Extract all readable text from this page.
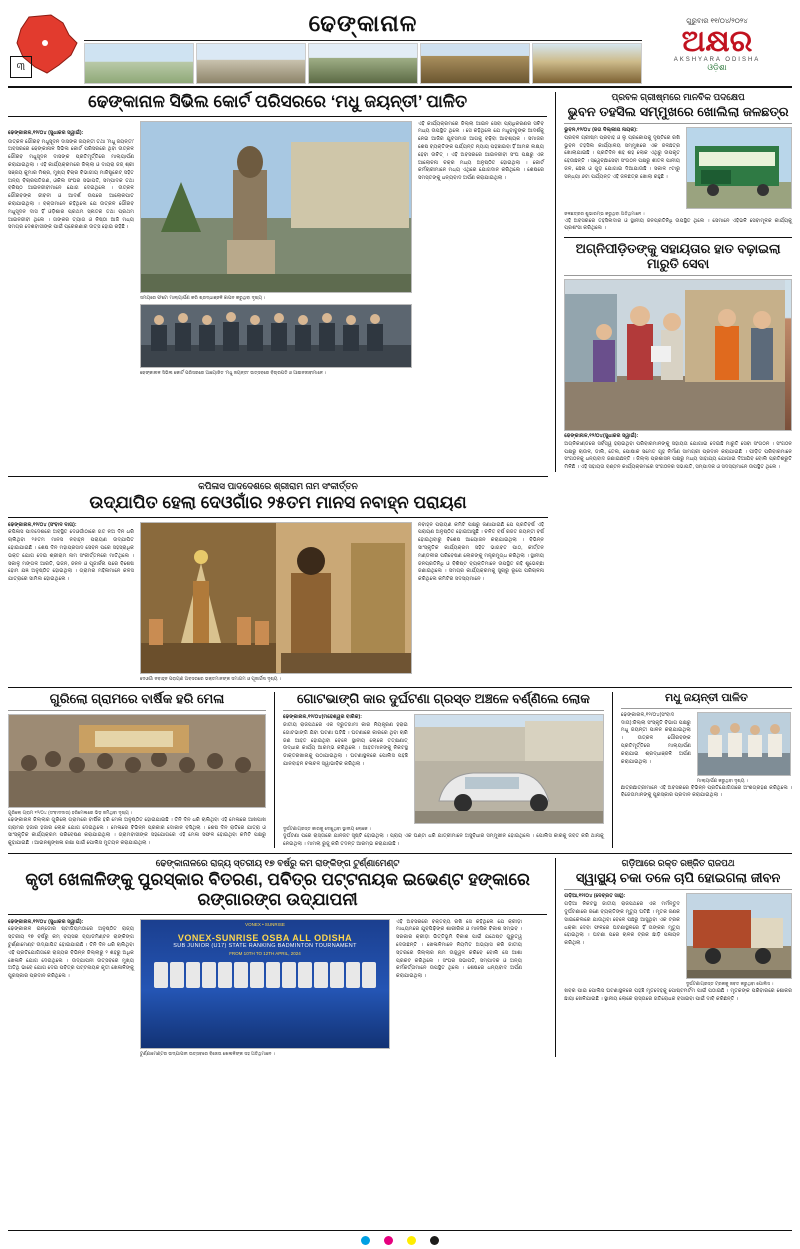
ଢେଙ୍କାନାଳ	ଗୁରୁବାର ୧୧/୦୪/୨୦୨୪
ଅକ୍ଷର
AKSHYARA ODISHA
ଓଡ଼ିଶା
୩
ଢେଙ୍କାନାଳ ସିଭିଲ କୋର୍ଟ ପରିସରରେ ‘ମଧୁ ଜୟନ୍ତୀ’ ପାଳିତ
ଢେଙ୍କାନାଳ,୧୨/୦୪ (ସୁଧାକର ସ୍ୱାଇଁ):
ଉତ୍କଳ ଗୌରବ ମଧୁସୂଦନ ଦାସଙ୍କ ଜୟନ୍ତୀ ତଥା ‘ମଧୁ ଜୟନ୍ତୀ’ ଅବସରରେ ଢେଙ୍କାନାଳ ସିଭିଲ କୋର୍ଟ ପରିସରରେ ଥିବା ଉତ୍କଳ ଗୌରବ ମଧୁସୂଦନ ଦାସଙ୍କ ପ୍ରତିମୂର୍ତ୍ତିରେ ମାଲ୍ୟାର୍ପଣ କରାଯାଇଥିଲା । ଏହି କାର୍ଯ୍ୟକ୍ରମରେ ଜିଲ୍ଲା ଓ ଦାୟରା ଜଜ୍ ଶ୍ରୀ ସଞ୍ଜୟ କୁମାର ମିଶ୍ର, ମୁଖ୍ୟ ବିଚାର ବିଭାଗୀୟ ମାଜିଷ୍ଟ୍ରେଟ୍ ସହିତ ଅନ୍ୟ ବିଚାରପତିଗଣ, ଓକିଲ ସଂଘର ସଭାପତି, ସମ୍ପାଦକ ତଥା ବରିଷ୍ଠ ଆଇନଜୀବୀମାନେ ଯୋଗ ଦେଇଥିଲେ । ଉତ୍କଳ ଗୌରବଙ୍କ ଜୀବନୀ ଓ ଆଦର୍ଶ ଉପରେ ଆଲୋକପାତ କରାଯାଇଥିଲା । ବକ୍ତାମାନେ କହିଥିଲେ ଯେ ଉତ୍କଳ ଗୌରବ ମଧୁସୂଦନ ଦାସ ହିଁ ଓଡ଼ିଶାର ପ୍ରଥମ ସ୍ନାତକ ତଥା ପ୍ରଥମ ଆଇନଜୀବୀ ଥିଲେ । ତାଙ୍କର ତ୍ୟାଗ ଓ ନିଷ୍ଠା ଆଜି ମଧ୍ୟ ସମଗ୍ର ଦେଶବାସୀଙ୍କ ପାଇଁ ପ୍ରେରଣାର ଉତ୍ସ ହୋଇ ରହିଛି ।
ସମୟରେ ଫଟୋ ମାଲ୍ୟାର୍ପଣ କରି ଶ୍ରଦ୍ଧାଞ୍ଜଳି ଜ୍ଞାପନ କରୁଥିବା ଦୃଶ୍ୟ ।
ଢେଙ୍କାନାଳ ସିଭିଲ କୋର୍ଟ ପରିସରରେ ଆୟୋଜିତ ‘ମଧୁ ଜୟନ୍ତୀ’ ଉତ୍ସବରେ ବିଚାରପତି ଓ ଆଇନଜୀବୀମାନେ ।
ଏହି କାର୍ଯ୍ୟକ୍ରମରେ ଜିଲ୍ଲା ଆଇନ ସେବା ପ୍ରାଧିକରଣର ସଚିବ ମଧ୍ୟ ଉପସ୍ଥିତ ଥିଲେ । ସେ କହିଥିଲେ ଯେ ମଧୁବାବୁଙ୍କ ଆଦର୍ଶକୁ ନେଇ ଆଜିର ଯୁବସମାଜ ଆଗକୁ ବଢ଼ିବା ଆବଶ୍ୟକ । ସମାଜର ଶେଷ ବ୍ୟକ୍ତିଙ୍କ ପର୍ଯ୍ୟନ୍ତ ନ୍ୟାୟ ପହଞ୍ଚାଇବା ହିଁ ଆମର ଲକ୍ଷ୍ୟ ହେବା ଉଚିତ୍ । ଏହି ଅବସରରେ ଆଇନଜୀବୀ ସଂଘ ପକ୍ଷରୁ ଏକ ଆଲୋଚନା ଚକ୍ର ମଧ୍ୟ ଅନୁଷ୍ଠିତ ହୋଇଥିଲା । କୋର୍ଟ କର୍ମଚାରୀମାନେ ମଧ୍ୟ ଏଥିରେ ଯୋଗଦାନ କରିଥିଲେ । ଶେଷରେ ସମସ୍ତଙ୍କୁ ଧନ୍ୟବାଦ ଅର୍ପଣ କରାଯାଇଥିଲା ।
ପ୍ରବଳ ଗ୍ରୀଷ୍ମରେ ମାନବିକ ପଦକ୍ଷେପ
ଭୁବନ ତହସିଲ ସମ୍ମୁଖରେ ଖୋଲିଲା ଜଳଛତ୍ର
ଭୁବନ,୧୨/୦୪ (ଜଗ ଦିଲ୍ଲୀପ ନାୟକ):
ପ୍ରବଳ ଗ୍ରୀଷ୍ମ ପ୍ରବାହ ଓ ଲୁ ପ୍ରକୋପକୁ ଦୃଷ୍ଟିରେ ରଖି ଭୁବନ ତହସିଲ କାର୍ଯ୍ୟାଳୟ ସମ୍ମୁଖରେ ଏକ ଜଳଛତ୍ର ଖୋଲାଯାଇଛି । ପ୍ରତିଦିନ ଶହ ଶହ ଲୋକ ଏଥିରୁ ଉପକୃତ ହେଉଛନ୍ତି । ସ୍ୱେଚ୍ଛାସେବୀ ସଂଗଠନ ପକ୍ଷରୁ ଶୀତଳ ପାନୀୟ ଜଳ, ଛେନା ଓ ଗୁଡ଼ ଯୋଗାଇ ଦିଆଯାଉଛି । ସକାଳ ୯ଟାରୁ ସନ୍ଧ୍ୟା ୬ଟା ପର୍ଯ୍ୟନ୍ତ ଏହି ଜଳଛତ୍ର ଖୋଲା ରହୁଛି ।
ଜଳଛତ୍ରର ଶୁଭାରମ୍ଭ କରୁଥିବା ଅତିଥିମାନେ ।
ଏହି ଅବସରରେ ତହସିଲଦାର ଓ ସ୍ଥାନୀୟ ଜନପ୍ରତିନିଧି ଉପସ୍ଥିତ ଥିଲେ । ସେମାନେ ଏହିଭଳି ସେବାମୂଳକ କାର୍ଯ୍ୟକୁ ପ୍ରଶଂସା କରିଥିଲେ ।
ଅଗ୍ନିପୀଡ଼ିତଙ୍କୁ ସହାୟତାର ହାତ ବଢ଼ାଇଲା ମାରୁତି ସେବା
ଢେଙ୍କାନାଳ,୧୨/୦୪(ସୁଧାକର ସ୍ୱାଇଁ):
ଅଗ୍ନିକାଣ୍ଡରେ ସର୍ବସ୍ୱ ହରାଇଥିବା ପରିବାରମାନଙ୍କୁ ସହାୟତା ଯୋଗାଇ ଦେଇଛି ମାରୁତି ସେବା ସଂଗଠନ । ସଂଗଠନ ପକ୍ଷରୁ ଚାଉଳ, ଡାଲି, ତେଲ, ପୋଷାକ ସମେତ ଗୃହ ନିର୍ମାଣ ସାମଗ୍ରୀ ପ୍ରଦାନ କରାଯାଇଛି । ପୀଡ଼ିତ ପରିବାରମାନେ ସଂଗଠନକୁ ଧନ୍ୟବାଦ ଜଣାଇଛନ୍ତି । ଜିଲ୍ଲା ପ୍ରଶାସନ ପକ୍ଷରୁ ମଧ୍ୟ ସାହାଯ୍ୟ ଯୋଗାଇ ଦିଆଯିବ ବୋଲି ପ୍ରତିଶ୍ରୁତି ମିଳିଛି । ଏହି ସହାୟତା ବଣ୍ଟନ କାର୍ଯ୍ୟକ୍ରମରେ ସଂଗଠନର ସଭାପତି, ସମ୍ପାଦକ ଓ ସଦସ୍ୟମାନେ ଉପସ୍ଥିତ ଥିଲେ ।
କପିଳାସ ପାଦଦେଶରେ ଶ୍ରୀରାମ ନାମ ସଂକୀର୍ତ୍ତନ
ଉଦ୍‌ଯାପିତ ହେଲା ଦେଓଗାଁର ୨୫ତମ ମାନସ ନବାହ୍ନ ପରାୟଣ
ଢେଙ୍କାନାଳ,୧୨/୦୪ (ସଂବାଦ ଦାତା):
କପିଳାସ ପାଦଦେଶରେ ଅବସ୍ଥିତ ଦେଓଗାଁଠାରେ ଗତ ନଅ ଦିନ ଧରି ଚାଲିଥିବା ୨୫ତମ ମାନସ ନବାହ୍ନ ପରାୟଣ ଉଦ୍‌ଯାପିତ ହୋଇଯାଇଛି । ଶେଷ ଦିନ ମହାପ୍ରସାଦ ସେବନ ପରେ ସହସ୍ରାଧିକ ଭକ୍ତ ଯୋଗ ଦେଇ ଶ୍ରୀରାମ ନାମ ସଂକୀର୍ତ୍ତନରେ ମାତିଥିଲେ । ସକାଳୁ ମଙ୍ଗଳ ଆରତି, ଭଜନ, ଜନନ ଓ ପୂଜାର୍ଚ୍ଚନା ପରେ ବିଶେଷ ହୋମ ଯଜ୍ଞ ଅନୁଷ୍ଠିତ ହୋଇଥିଲା । ଗ୍ରାମର ମହିଳାମାନେ କଳସ ଯାତ୍ରାରେ ସାମିଲ ହୋଇଥିଲେ ।
ଦେଓଗାଁ ନବାହ୍ନ ପରାୟଣ ଅବସରରେ ଭକ୍ତମାନଙ୍କ ସମାଗମ ଓ ପୂଜାର୍ଚ୍ଚନା ଦୃଶ୍ୟ ।
ନବାହ୍ନ ପରାୟଣ କମିଟି ପକ୍ଷରୁ ଜଣାଯାଇଛି ଯେ ପ୍ରତିବର୍ଷ ଏହି ପରାୟଣ ଅନୁଷ୍ଠିତ ହୋଇଆସୁଛି । ଚଳିତ ବର୍ଷ ରଜତ ଜୟନ୍ତୀ ବର୍ଷ ହୋଇଥିବାରୁ ବିଶେଷ ଆୟୋଜନ କରାଯାଇଥିଲା । ବିଭିନ୍ନ ସାଂସ୍କୃତିକ କାର୍ଯ୍ୟକ୍ରମ ସହିତ ଭାଗବତ ପାଠ, କୀର୍ତ୍ତନ ମଣ୍ଡଳୀର ପରିବେଷଣ ଲୋକଙ୍କୁ ମନ୍ତ୍ରମୁଗ୍ଧ କରିଥିଲା । ସ୍ଥାନୀୟ ଜନପ୍ରତିନିଧି ଓ ବିଶିଷ୍ଟ ବ୍ୟକ୍ତିମାନେ ଉପସ୍ଥିତ ରହି ଶୁଭେଚ୍ଛା ଜଣାଇଥିଲେ । ସମଗ୍ର କାର୍ଯ୍ୟକ୍ରମକୁ ସୁଚାରୁ ରୂପେ ପରିଚାଳନା କରିଥିଲେ କମିଟିର ସଦସ୍ୟମାନେ ।
ଗୁରିଲୋ ଗ୍ରାମରେ ବାର୍ଷିକ ହରି ମେଳା
ଗୁରିଲୋ ଗ୍ରାମ ୧୨/୦୪ (ସଂବାଦଦାତା) ହରିମେଳାରେ ଭିଡ଼ ଜମିଥିବା ଦୃଶ୍ୟ ।
ଢେଙ୍କାନାଳ ଜିଲ୍ଲାର ଗୁରିଲୋ ଗ୍ରାମରେ ବାର୍ଷିକ ହରି ମେଳା ଅନୁଷ୍ଠିତ ହୋଇଯାଇଛି । ତିନି ଦିନ ଧରି ଚାଲିଥିବା ଏହି ମେଳାରେ ଆଖପାଖ ଗ୍ରାମର ହଜାର ହଜାର ଲୋକ ଯୋଗ ଦେଇଥିଲେ । ମେଳାରେ ବିଭିନ୍ନ ପ୍ରକାର ଦୋକାନ ବସିଥିଲା । ଶେଷ ଦିନ ରାତିରେ ଯାତ୍ରା ଓ ସାଂସ୍କୃତିକ କାର୍ଯ୍ୟକ୍ରମ ପରିବେଷଣ କରାଯାଇଥିଲା । ଗ୍ରାମବାସୀଙ୍କ ସହଯୋଗରେ ଏହି ମେଳା ସଫଳ ହୋଇଥିବା କମିଟି ପକ୍ଷରୁ କୁହାଯାଇଛି । ଆଇନଶୃଙ୍ଖଳା ରକ୍ଷା ପାଇଁ ପୋଲିସ ମୁତୟନ କରାଯାଇଥିଲା ।
ଗୋଟଭାଙ୍ଗି କାର ଦୁର୍ଘଟଣା ଗ୍ରସ୍ତ ଅଞ୍ଚଳେ ବର୍ଣ୍ଣିଲେ ଲୋକ
ଢେଙ୍କାନାଳ,୧୨/୦୪(ମହେଶ୍ୱର ବାରିକ):
ଜାତୀୟ ରାଜପଥରେ ଏକ ଦ୍ରୁତଗାମୀ କାର ନିୟନ୍ତ୍ରଣ ହରାଇ ଗୋଟଭାଙ୍ଗି ଯିବା ଘଟଣା ଘଟିଛି । ଘଟଣାରେ କାରରେ ଥିବା ଚାରି ଜଣ ଆହତ ହୋଇଥିବା ବେଳେ ସ୍ଥାନୀୟ ଲୋକେ ତତ୍କ୍ଷଣାତ୍ ଉଦ୍ଧାର କାର୍ଯ୍ୟ ଆରମ୍ଭ କରିଥିଲେ । ଆହତମାନଙ୍କୁ ନିକଟସ୍ଥ ଡାକ୍ତରଖାନାକୁ ପଠାଯାଇଥିଲା । ଘଟଣାସ୍ଥଳରେ ପୋଲିସ ପହଞ୍ଚି ଯାନବାହନ ଚଳାଚଳ ସ୍ୱାଭାବିକ କରିଥିଲା ।
ଦୁର୍ଘଟଣାଗ୍ରସ୍ତ କାରକୁ ଦେଖୁଥିବା ସ୍ଥାନୀୟ ଲୋକେ ।
ଦୁର୍ଘଟଣା ପରେ ରାସ୍ତାରେ ଯାନଜଟ ସୃଷ୍ଟି ହୋଇଥିଲା । ପ୍ରାୟ ଏକ ଘଣ୍ଟା ଧରି ଯାତ୍ରୀମାନେ ଅସୁବିଧାର ସମ୍ମୁଖୀନ ହୋଇଥିଲେ । ପୋଲିସ କାରକୁ ଜବତ କରି ଥାନାକୁ ନେଇଥିଲା । ମାମଲା ରୁଜୁ କରି ତଦନ୍ତ ଆରମ୍ଭ କରାଯାଇଛି ।
ମଧୁ ଜୟନ୍ତୀ ପାଳିତ
ଢେଙ୍କାନାଳ,୧୨/୦୪(ସଂବାଦ ଦାତା):ଜିଲ୍ଲା ସଂସ୍କୃତି ବିଭାଗ ପକ୍ଷରୁ ମଧୁ ଜୟନ୍ତୀ ପାଳନ କରାଯାଇଥିଲା । ଉତ୍କଳ ଗୌରବଙ୍କ ପ୍ରତିମୂର୍ତ୍ତିରେ ମାଲ୍ୟାର୍ପଣ କରାଯାଇ ଶ୍ରଦ୍ଧାଞ୍ଜଳି ଅର୍ପଣ କରାଯାଇଥିଲା ।
ମାଲ୍ୟାର୍ପଣ କରୁଥିବା ଦୃଶ୍ୟ ।
ଛାତ୍ରଛାତ୍ରୀମାନେ ଏହି ଅବସରରେ ବିଭିନ୍ନ ପ୍ରତିଯୋଗିତାରେ ଅଂଶଗ୍ରହଣ କରିଥିଲେ । ବିଜେତାମାନଙ୍କୁ ପୁରସ୍କାର ପ୍ରଦାନ କରାଯାଇଥିଲା ।
ଢେଙ୍କାନାଳରେ ରାଜ୍ୟ ସ୍ତରୀୟ ୧୭ ବର୍ଷରୁ କମ ରାଙ୍କିଙ୍ଗ ଟୁର୍ଣ୍ଣାମେଣ୍ଟ
କୃତୀ ଖେଳାଳିଙ୍କୁ ପୁରସ୍କାର ବିତରଣ, ପବିତ୍ର ପଟ୍ଟନାୟକ ଇଭେଣ୍ଟ ହଙ୍କାରେ ରଙ୍ଗାରଙ୍ଗ ଉଦ୍‌ଯାପନୀ
ଢେଙ୍କାନାଳ,୧୨/୦୪ (ସୁଧାକର ସ୍ୱାଇଁ):
ଢେଙ୍କାନାଳ ଇନ୍ଡୋର ଷ୍ଟାଡିୟମଠାରେ ଅନୁଷ୍ଠିତ ରାଜ୍ୟ ସ୍ତରୀୟ ୧୭ ବର୍ଷରୁ କମ୍ ବୟସର ବ୍ୟାଡମିଣ୍ଟନ ରାଙ୍କିଙ୍ଗ ଟୁର୍ଣ୍ଣାମେଣ୍ଟ ଉଦ୍‌ଯାପିତ ହୋଇଯାଇଛି । ତିନି ଦିନ ଧରି ଚାଲିଥିବା ଏହି ପ୍ରତିଯୋଗିତାରେ ରାଜ୍ୟର ବିଭିନ୍ନ ଜିଲ୍ଲାରୁ ୨ ଶହରୁ ଅଧିକ ଖେଳାଳି ଯୋଗ ଦେଇଥିଲେ । ଉଦ୍‌ଯାପନୀ ଉତ୍ସବରେ ମୁଖ୍ୟ ଅତିଥି ଭାବେ ଯୋଗ ଦେଇ ପବିତ୍ର ପଟ୍ଟନାୟକ କୃତୀ ଖେଳାଳିଙ୍କୁ ପୁରସ୍କାର ପ୍ରଦାନ କରିଥିଲେ ।
VONEX • SUNRISE
VONEX-SUNRISE OSBA ALL ODISHA
SUB JUNIOR (U17) STATE RANKING BADMINTON TOURNAMENT
FROM 10TH TO 12TH APRIL, 2024
ଟୁର୍ଣ୍ଣାମେଣ୍ଟର ଉଦ୍‌ଯାପନୀ ଉତ୍ସବରେ ବିଜେତା ଖେଳାଳିଙ୍କ ସହ ଅତିଥିମାନେ ।
ଏହି ଅବସରରେ ବକ୍ତବ୍ୟ ରଖି ସେ କହିଥିଲେ ଯେ କ୍ରୀଡ଼ା ମାଧ୍ୟମରେ ଯୁବପିଢ଼ିଙ୍କ ଶାରୀରିକ ଓ ମାନସିକ ବିକାଶ ସମ୍ଭବ । ସରକାର କ୍ରୀଡ଼ା ଭିତ୍ତିଭୂମି ବିକାଶ ପାଇଁ ଯଥେଷ୍ଟ ଗୁରୁତ୍ୱ ଦେଉଛନ୍ତି । ଖେଳାଳିମାନେ ନିୟମିତ ଅଭ୍ୟାସ କରି ଜାତୀୟ ସ୍ତରରେ ଜିଲ୍ଲାର ନାମ ଉଜ୍ଜ୍ୱଳ କରିବେ ବୋଲି ସେ ଆଶା ପ୍ରକଟ କରିଥିଲେ । ସଂଘର ସଭାପତି, ସମ୍ପାଦକ ଓ ଅନ୍ୟ କର୍ମକର୍ତ୍ତାମାନେ ଉପସ୍ଥିତ ଥିଲେ । ଶେଷରେ ଧନ୍ୟବାଦ ଅର୍ପଣ କରାଯାଇଥିଲା ।
ଗଡ଼ିଆରେ ରକ୍ତ ରଞ୍ଜିତ ରାଜପଥ
ସ୍ୱାସ୍ଥ୍ୟ ଚକା ତଳେ ଚାପି ହୋଇଗଲା ଜୀବନ
ଗଡ଼ିଆ,୧୨/୦୪ (ଦେବ୍ରତ ସାହୁ):
ଗଡ଼ିଆ ନିକଟସ୍ଥ ଜାତୀୟ ରାଜପଥରେ ଏକ ମର୍ମନ୍ତୁଦ ଦୁର୍ଘଟଣାରେ ଜଣେ ବ୍ୟକ୍ତିଙ୍କ ମୃତ୍ୟୁ ଘଟିଛି । ମୃତକ ଜଣକ ସାଇକେଲରେ ଯାଉଥିବା ବେଳେ ପଛରୁ ଆସୁଥିବା ଏକ ଟ୍ରକ ଧକ୍କା ଦେବା ଫଳରେ ଘଟଣାସ୍ଥଳରେ ହିଁ ତାଙ୍କର ମୃତ୍ୟୁ ହୋଇଥିଲା । ଘଟଣା ପରେ ଚାଳକ ଟ୍ରକ ଛାଡ଼ି ପଳାୟନ କରିଥିଲା ।
ଦୁର୍ଘଟଣାଗ୍ରସ୍ତ ଟ୍ରକକୁ ଜବତ କରୁଥିବା ପୋଲିସ ।
ଖବର ପାଇ ପୋଲିସ ଘଟଣାସ୍ଥଳରେ ପହଞ୍ଚି ମୃତଦେହକୁ ପୋଷ୍ଟମର୍ଟମ ପାଇଁ ପଠାଇଛି । ମୃତକଙ୍କ ପରିବାରରେ ଶୋକର ଛାୟା ଖେଳିଯାଇଛି । ସ୍ଥାନୀୟ ଲୋକେ ରାସ୍ତାରେ ଗତିରୋଧକ ବସାଇବା ପାଇଁ ଦାବି କରିଛନ୍ତି ।
